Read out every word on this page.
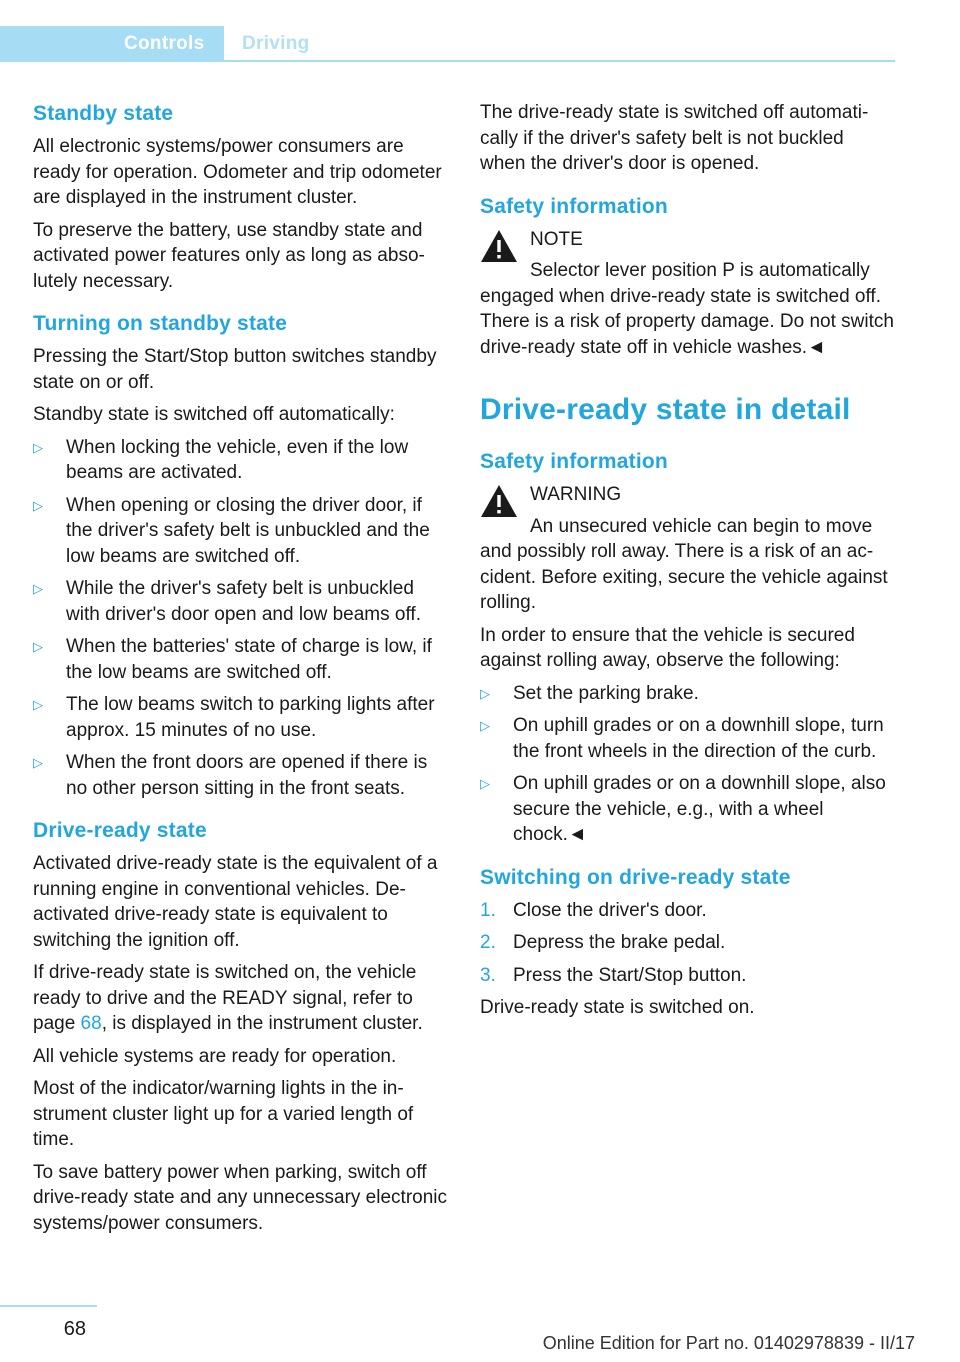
Controls	Driving
Standby state

All electronic systems/power consumers are ready for operation. Odometer and trip odometer are displayed in the instrument cluster.

To preserve the battery, use standby state and activated power features only as long as absolutely necessary.

Turning on standby state

Pressing the Start/Stop button switches standby state on or off.

Standby state is switched off automatically:

▷ When locking the vehicle, even if the low beams are activated.
▷ When opening or closing the driver door, if the driver's safety belt is unbuckled and the low beams are switched off.
▷ While the driver's safety belt is unbuckled with driver's door open and low beams off.
▷ When the batteries' state of charge is low, if the low beams are switched off.
▷ The low beams switch to parking lights after approx. 15 minutes of no use.
▷ When the front doors are opened if there is no other person sitting in the front seats.
Drive-ready state

Activated drive-ready state is the equivalent of a running engine in conventional vehicles. Deactivated drive-ready state is equivalent to switching the ignition off.

If drive-ready state is switched on, the vehicle ready to drive and the READY signal, refer to page 68, is displayed in the instrument cluster.

All vehicle systems are ready for operation.

Most of the indicator/warning lights in the instrument cluster light up for a varied length of time.

To save battery power when parking, switch off drive-ready state and any unnecessary electronic systems/power consumers.

The drive-ready state is switched off automatically if the driver's safety belt is not buckled when the driver's door is opened.

Safety information
NOTE
Selector lever position P is automatically engaged when drive-ready state is switched off. There is a risk of property damage. Do not switch drive-ready state off in vehicle washes.◄
Drive-ready state in detail
Safety information
WARNING
An unsecured vehicle can begin to move and possibly roll away. There is a risk of an accident. Before exiting, secure the vehicle against rolling.

In order to ensure that the vehicle is secured against rolling away, observe the following:

▷ Set the parking brake.
▷ On uphill grades or on a downhill slope, turn the front wheels in the direction of the curb.
▷ On uphill grades or on a downhill slope, also secure the vehicle, e.g., with a wheel chock.◄
Switching on drive-ready state
1. Close the driver's door.
2. Depress the brake pedal.
3. Press the Start/Stop button.

Drive-ready state is switched on.

68
Online Edition for Part no. 01402978839 - II/17
